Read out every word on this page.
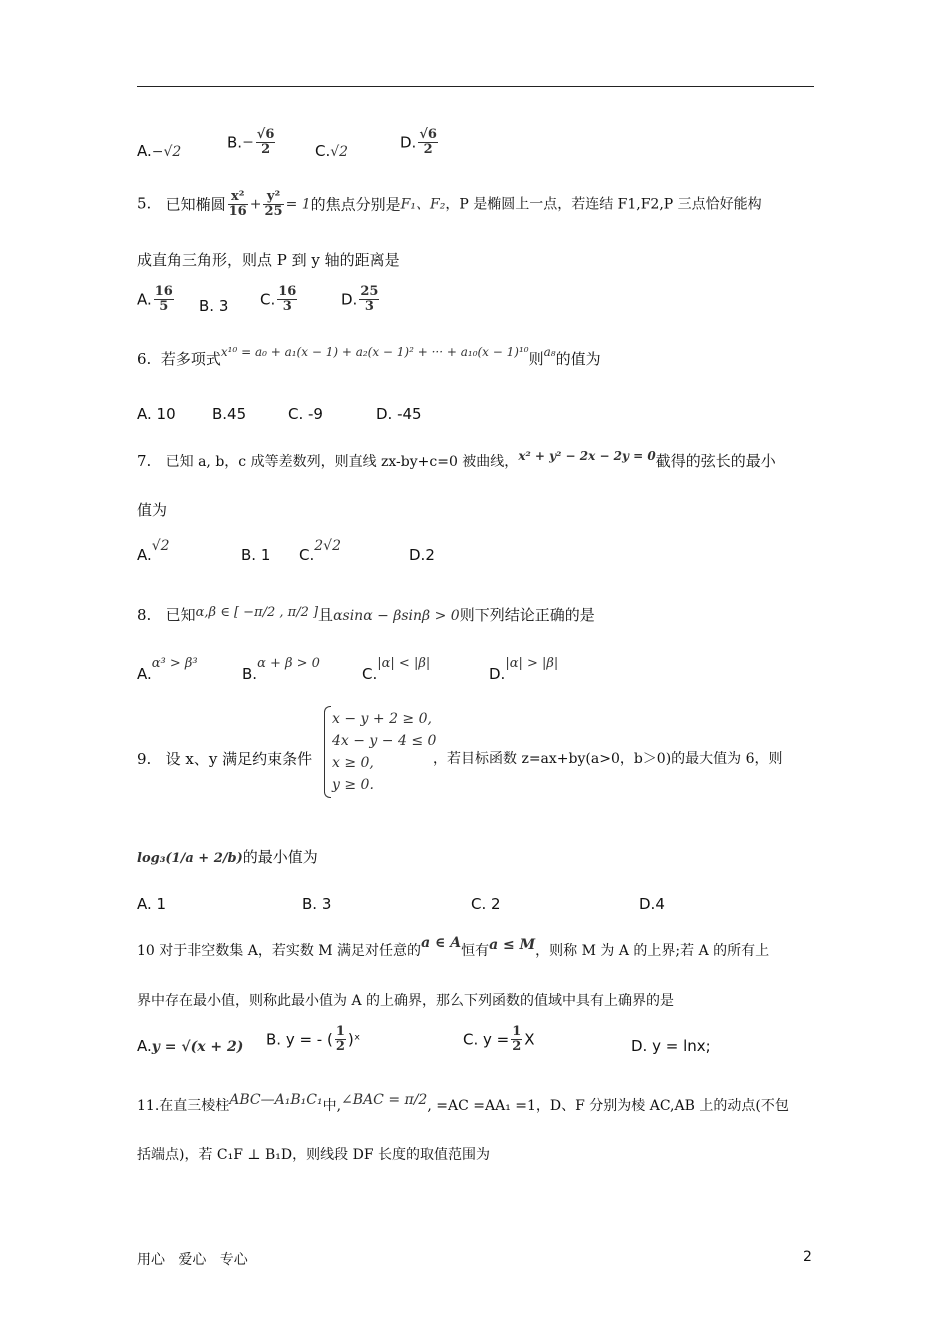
A.−√2
$B.- \frac{√6}{2}$	C.√2
D. $\frac{√6}{2}$
5. 已知椭圆 $\frac{\text{x²}}{16} + \frac{\text{y²}}{25} = 1$的焦点分别是F₁、F₂，P 是椭圆上一点，若连结 F1,F2,P 三点恰好能构
成直角三角形，则点 P 到 y 轴的距离是
A. $\frac{16}{5} B$. 3 C. $\frac{16}{3}$	D. $\frac{25}{3}$
6. 若多项式$^{x^{10} = a_0 + a_1(x - 1) + a_2(x - 1)^2 + \cdot\cdot\cdot + a_{10}(x - 1)^{10}}$则$^{a_8}$的值为
A. 10 B.45	C. -9	D. -45
7. 已知 a, b，c 成等差数列，则直线 zx-by+c=0 被曲线，$^{x^2 + y^2 - 2x - 2y = 0}$截得的弦长的最小
值为
A.√2	B. 1 C.2√2	D.2
8. 已知α,β ∈ [ −π/2 , π/2 ]且αsinα − βsinβ > 0则下列结论正确的是
A.α³ > β³
B.α + β > 0
C.|α| < |β|
D.|α| > |β|
9. 设 x、y 满足约束条件
x − y + 2 ≥ 0,
4x − y − 4 ≤ 0
x ≥ 0,
y ≥ 0.
，若目标函数 z=ax+by(a>0，b＞0)的最大值为 6，则
log₃(1/a + 2/b)的最小值为
A. 1	B. 3	C. 2	D.4
10 对于非空数集 A，若实数 M 满足对任意的a ∈ A恒有a ≤ M，则称 M 为 A 的上界;若 A 的所有上
界中存在最小值，则称此最小值为 A 的上确界，那么下列函数的值域中具有上确界的是
A.y = √(x + 2) B. y = - ( $\frac{1}{2}$ )ˣ	C. $y = \frac{1}{2}$ X	D. y = lnx;
11.在直三棱柱ABC—A₁B₁C₁中,∠BAC = π/2, =AC =AA₁ =1，D、F 分别为棱 AC,AB 上的动点(不包
括端点)，若 C₁F ⊥ B₁D，则线段 DF 长度的取值范围为
用心   爱心   专心	2
